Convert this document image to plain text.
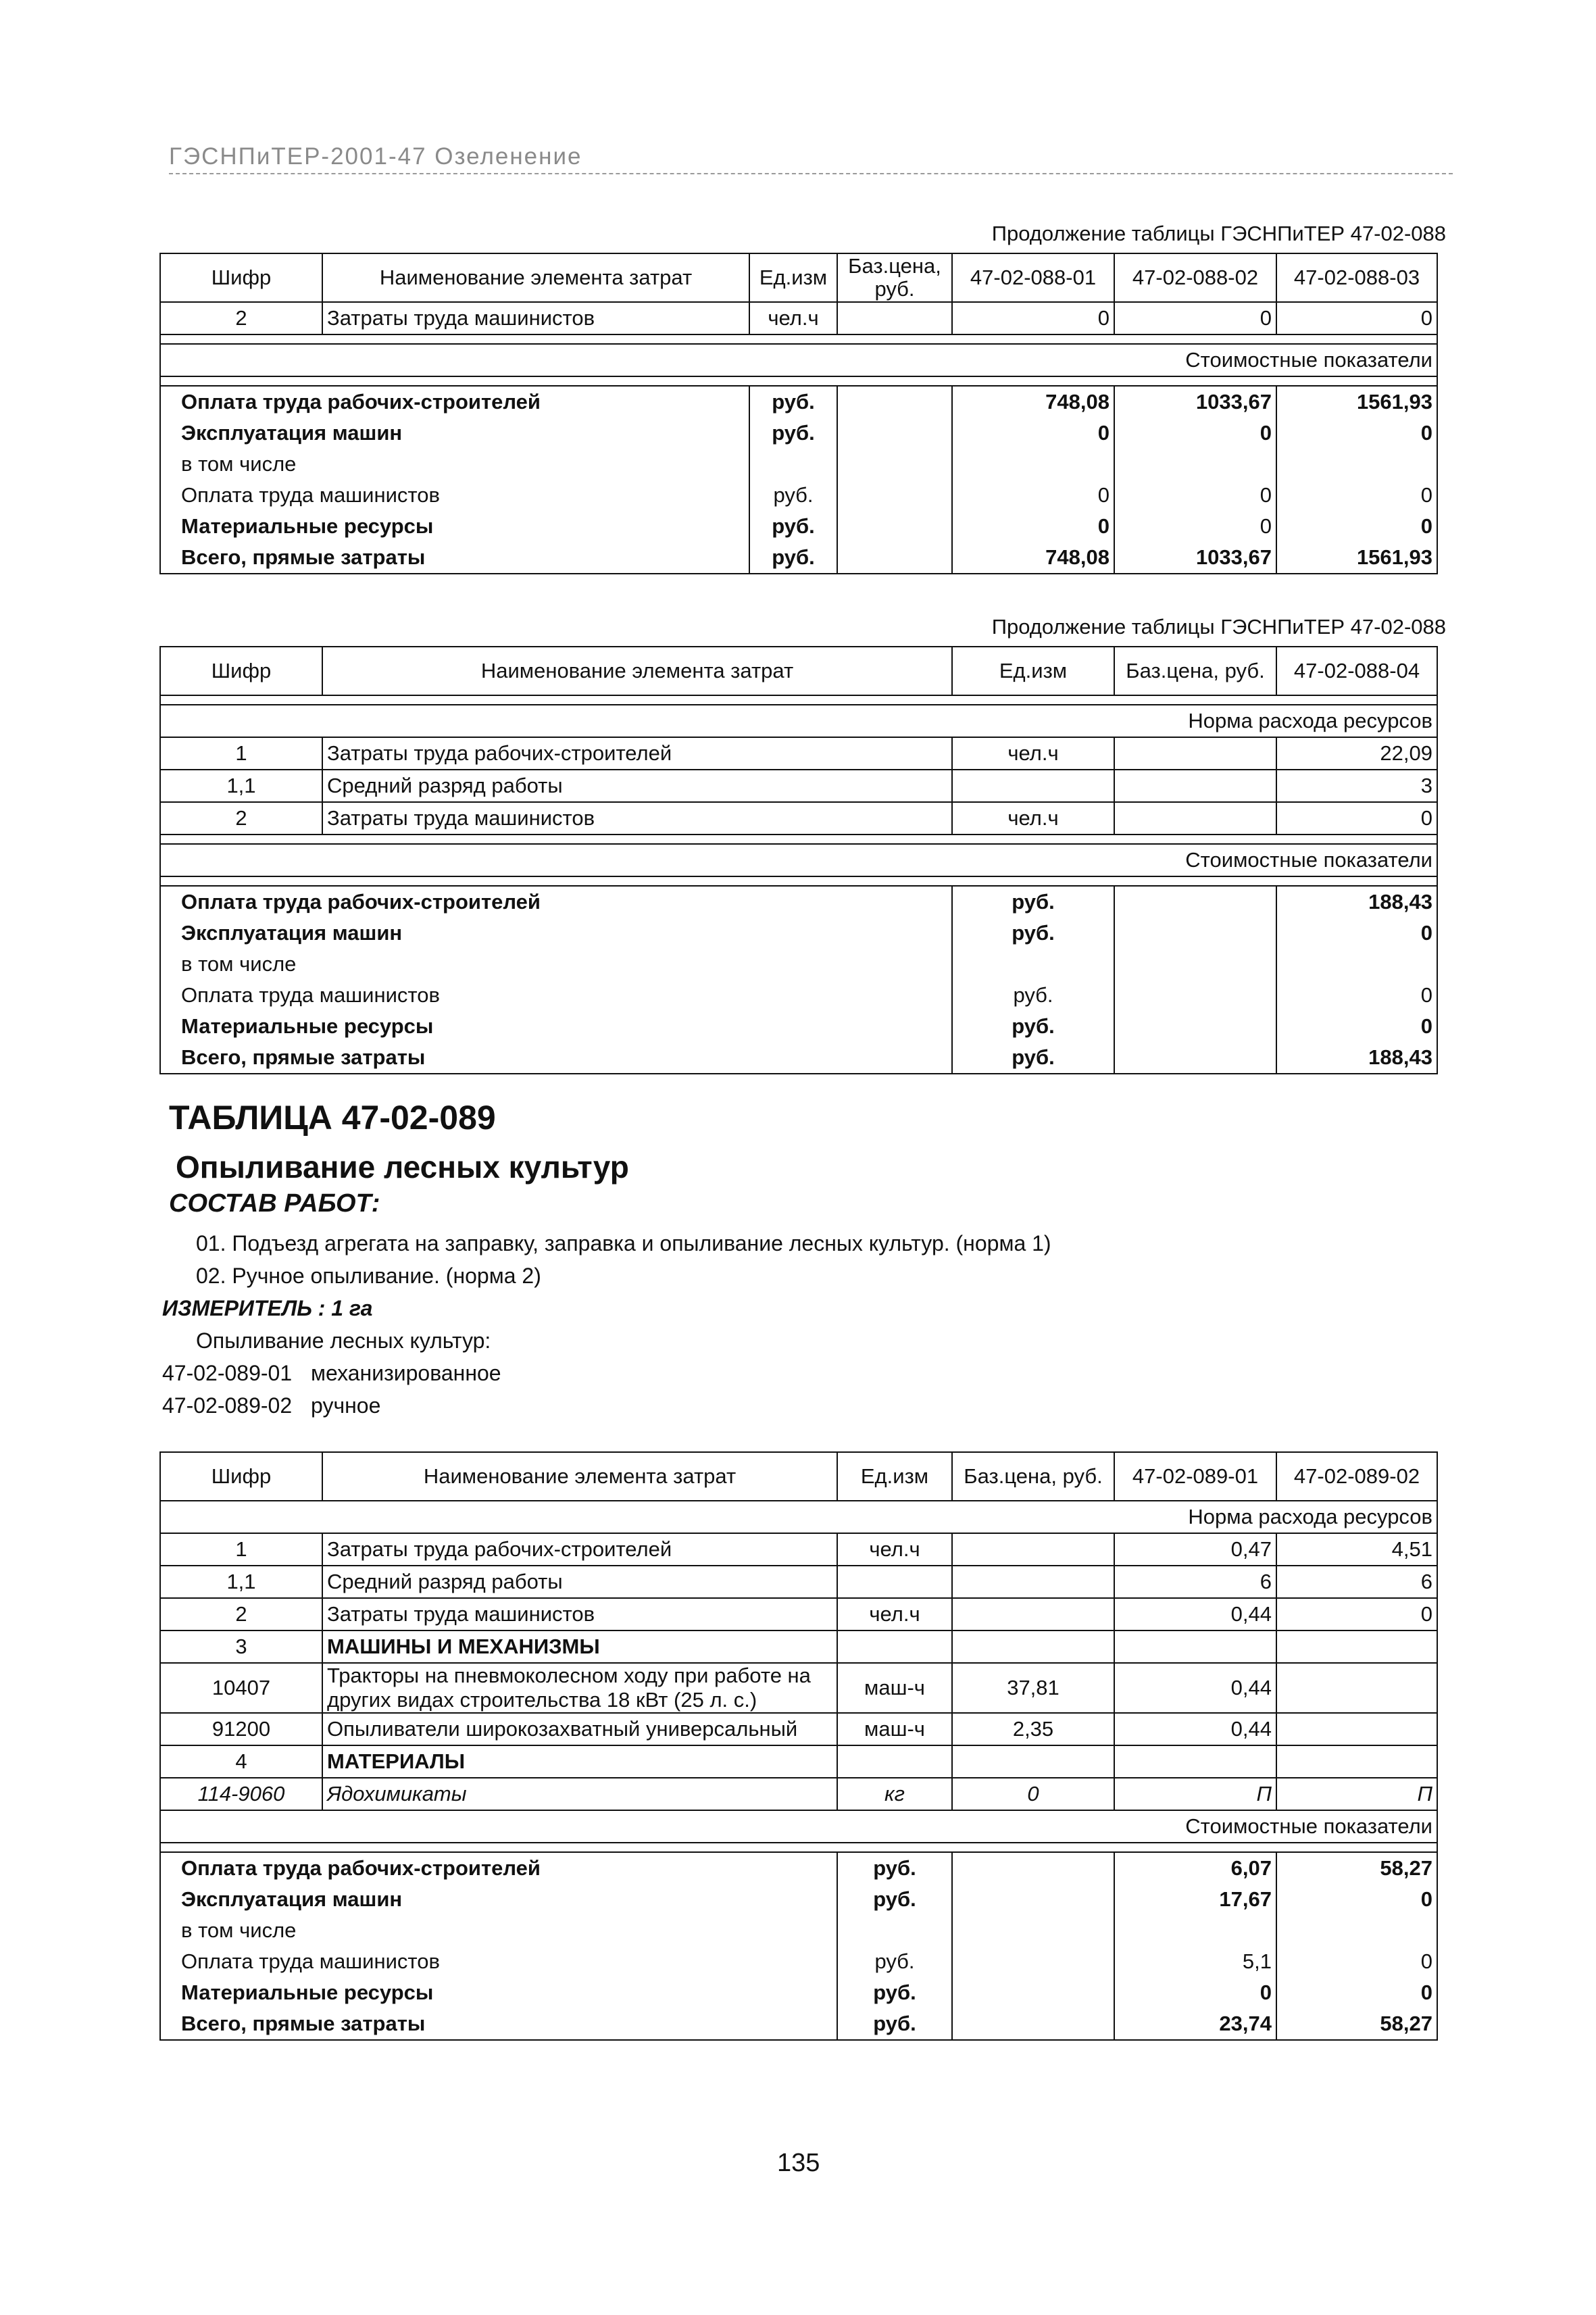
ГЭСНПиТЕР-2001-47 Озеленение
Продолжение таблицы ГЭСНПиТЕР 47-02-088
Шифр	Наименование элемента затрат	Ед.изм	Баз.цена, руб.	47-02-088-01	47-02-088-02	47-02-088-03
2	Затраты труда машинистов	чел.ч		0	0	0

Стоимостные показатели						

Оплата труда рабочих-строителей		руб.		748,08	1033,67	1561,93
Эксплуатация машин		руб.		0	0	0
в том числе						
Оплата труда машинистов		руб.		0	0	0
Материальные ресурсы		руб.		0	0	0
Всего, прямые затраты		руб.		748,08	1033,67	1561,93
Продолжение таблицы ГЭСНПиТЕР 47-02-088
Шифр	Наименование элемента затрат	Ед.изм	Баз.цена, руб.	47-02-088-04

Норма расхода ресурсов				
1	Затраты труда рабочих-строителей	чел.ч		22,09
1,1	Средний разряд работы			3
2	Затраты труда машинистов	чел.ч		0

Стоимостные показатели				

Оплата труда рабочих-строителей		руб.		188,43
Эксплуатация машин		руб.		0
в том числе				
Оплата труда машинистов		руб.		0
Материальные ресурсы		руб.		0
Всего, прямые затраты		руб.		188,43
ТАБЛИЦА 47-02-089
Опыливание лесных культур
СОСТАВ РАБОТ:
01. Подъезд агрегата на заправку, заправка и опыливание лесных культур. (норма 1)
02. Ручное опыливание. (норма 2)
ИЗМЕРИТЕЛЬ : 1 га
Опыливание лесных культур:
47-02-089-01 механизированное
47-02-089-02 ручное
Шифр	Наименование элемента затрат	Ед.изм	Баз.цена, руб.	47-02-089-01	47-02-089-02
Норма расхода ресурсов					
1	Затраты труда рабочих-строителей	чел.ч		0,47	4,51
1,1	Средний разряд работы			6	6
2	Затраты труда машинистов	чел.ч		0,44	0
3	МАШИНЫ И МЕХАНИЗМЫ				
10407	Тракторы на пневмоколесном ходу при работе на других видах строительства 18 кВт (25 л. с.)	маш-ч	37,81	0,44	
91200	Опыливатели широкозахватный универсальный	маш-ч	2,35	0,44	
4	МАТЕРИАЛЫ				
114-9060	Ядохимикаты	кг	0	П	П
Стоимостные показатели					

Оплата труда рабочих-строителей		руб.		6,07	58,27
Эксплуатация машин		руб.		17,67	0
в том числе					
Оплата труда машинистов		руб.		5,1	0
Материальные ресурсы		руб.		0	0
Всего, прямые затраты		руб.		23,74	58,27
135
